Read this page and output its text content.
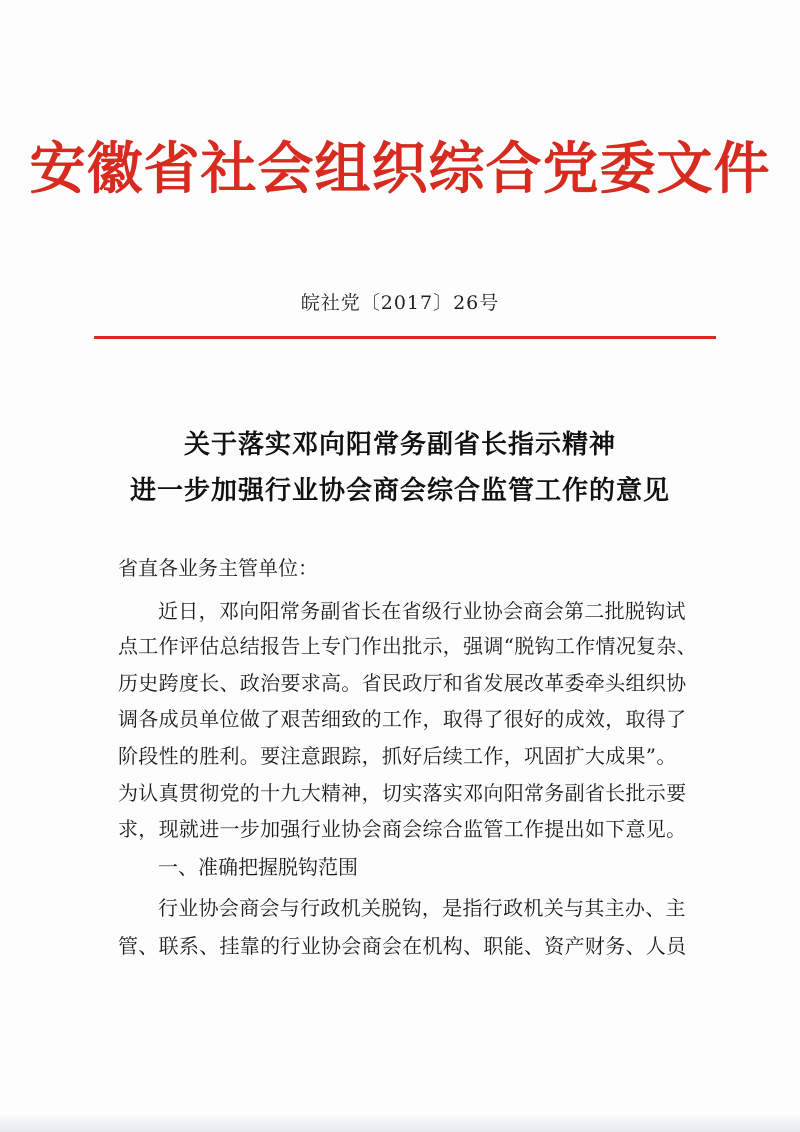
安徽省社会组织综合党委文件
皖社党〔2017〕26号
关于落实邓向阳常务副省长指示精神
进一步加强行业协会商会综合监管工作的意见
省直各业务主管单位：
近日，邓向阳常务副省长在省级行业协会商会第二批脱钩试
点工作评估总结报告上专门作出批示，强调“脱钩工作情况复杂、
历史跨度长、政治要求高。省民政厅和省发展改革委牵头组织协
调各成员单位做了艰苦细致的工作，取得了很好的成效，取得了
阶段性的胜利。要注意跟踪，抓好后续工作，巩固扩大成果”。
为认真贯彻党的十九大精神，切实落实邓向阳常务副省长批示要
求，现就进一步加强行业协会商会综合监管工作提出如下意见。
一、准确把握脱钩范围
行业协会商会与行政机关脱钩，是指行政机关与其主办、主
管、联系、挂靠的行业协会商会在机构、职能、资产财务、人员
